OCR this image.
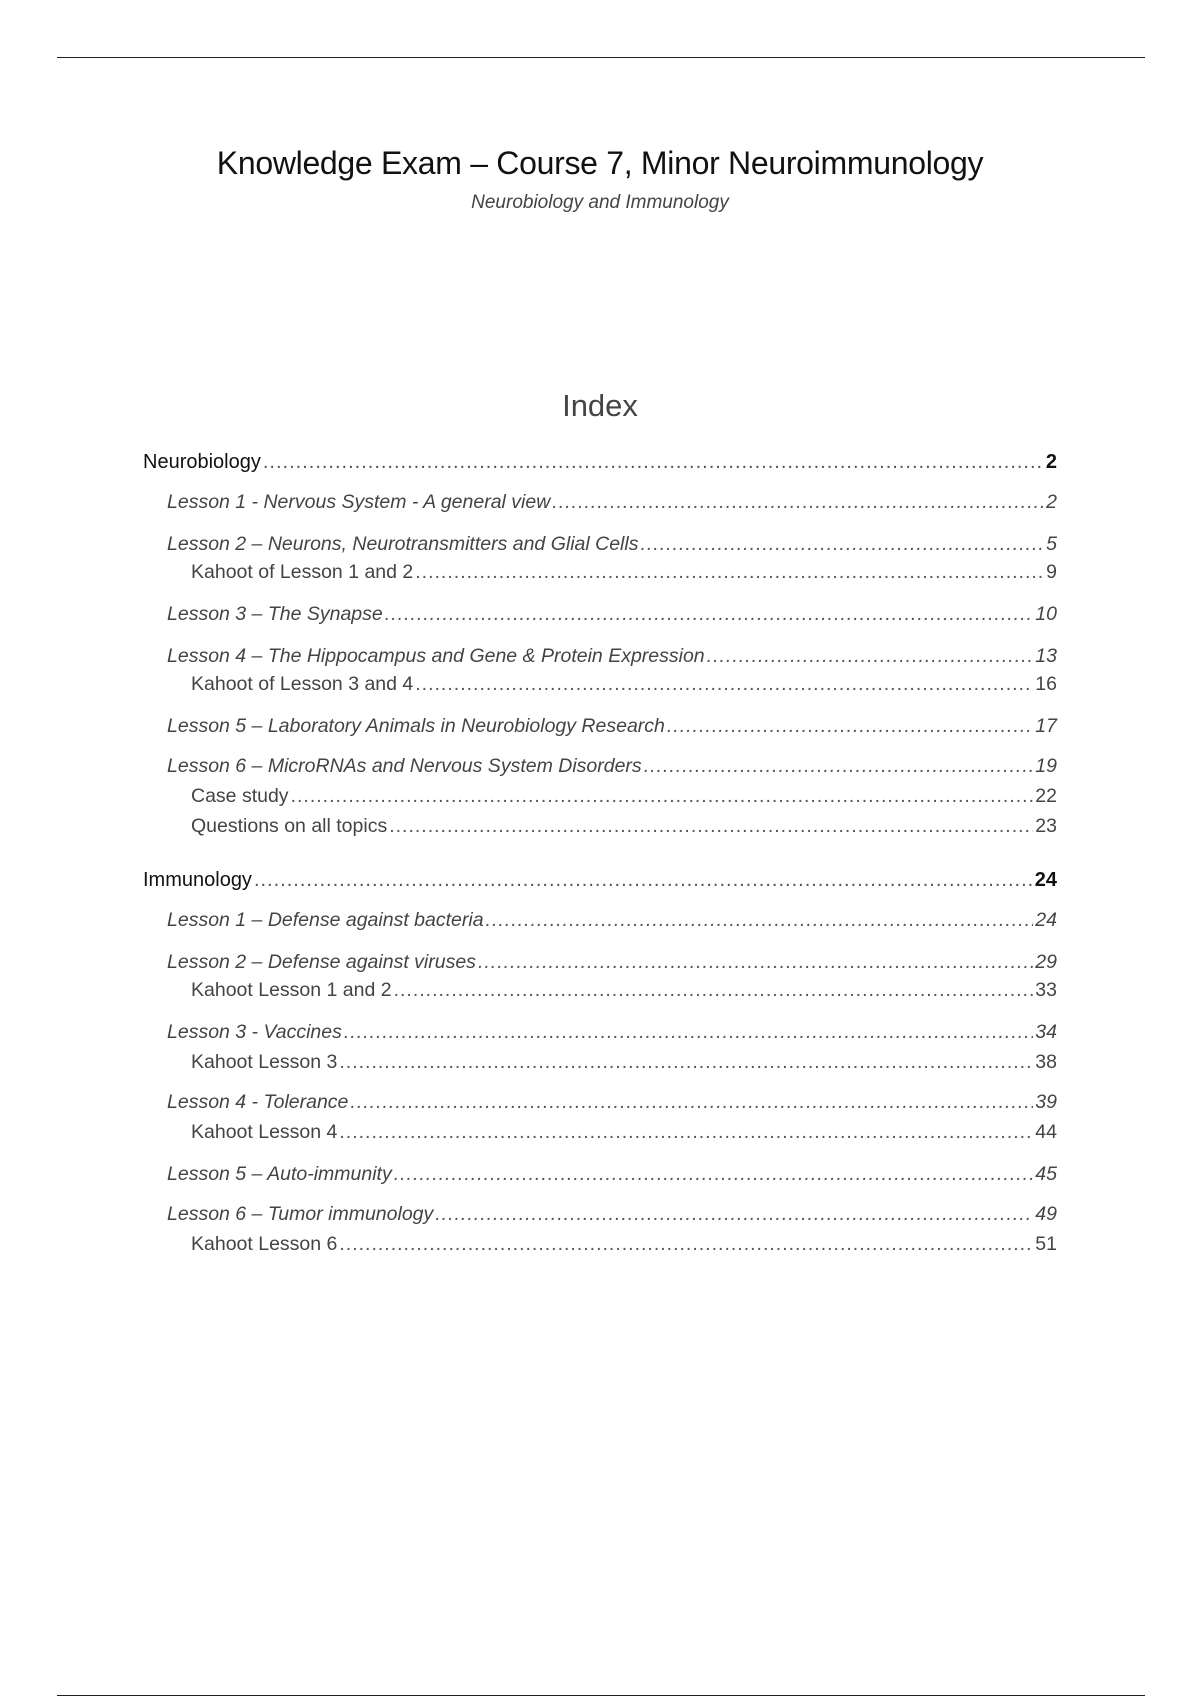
Knowledge Exam – Course 7, Minor Neuroimmunology
Neurobiology and Immunology
Index
Neurobiology .....	2
Lesson 1 - Nervous System - A general view .....	2
Lesson 2 – Neurons, Neurotransmitters and Glial Cells .....	5
Kahoot of Lesson 1 and 2 .....	9
Lesson 3 – The Synapse .....	10
Lesson 4 – The Hippocampus and Gene & Protein Expression .....	13
Kahoot of Lesson 3 and 4 .....	16
Lesson 5 – Laboratory Animals in Neurobiology Research .....	17
Lesson 6 – MicroRNAs and Nervous System Disorders .....	19
Case study .....	22
Questions on all topics .....	23
Immunology .....	24
Lesson 1 – Defense against bacteria .....	24
Lesson 2 – Defense against viruses .....	29
Kahoot Lesson 1 and 2 .....	33
Lesson 3 - Vaccines .....	34
Kahoot Lesson 3 .....	38
Lesson 4 - Tolerance .....	39
Kahoot Lesson 4 .....	44
Lesson 5 – Auto-immunity .....	45
Lesson 6 – Tumor immunology .....	49
Kahoot Lesson 6 .....	51
